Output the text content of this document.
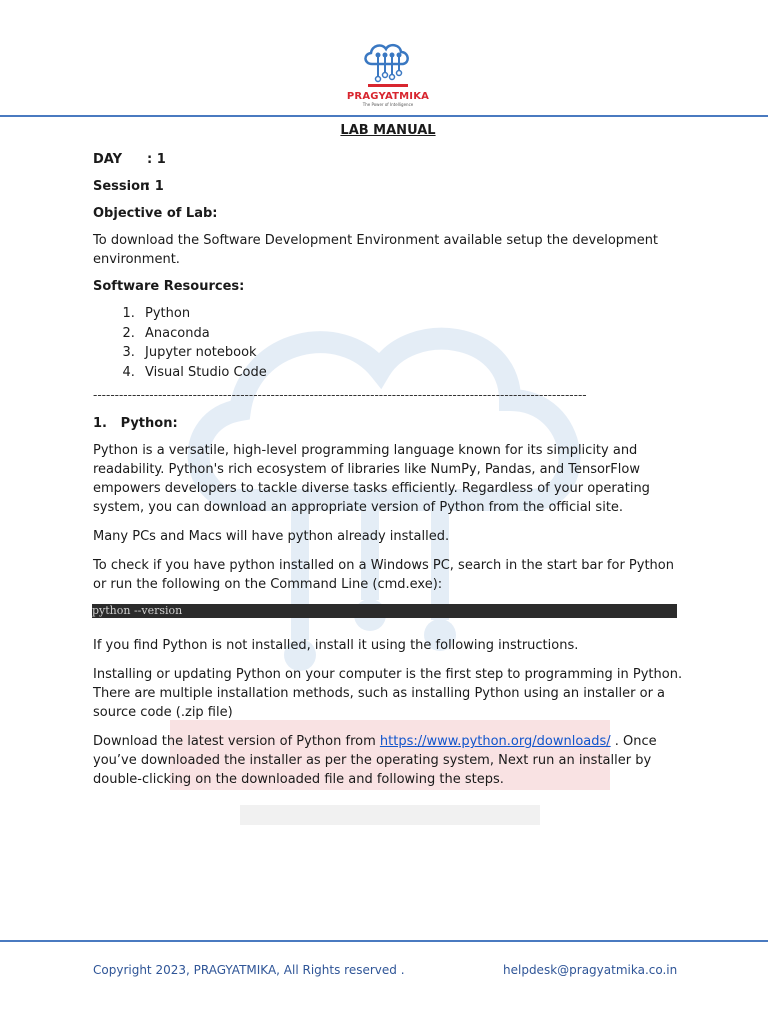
PRAGYATMIKA
The Power of Intelligence
LAB MANUAL
DAY : 1
Session: 1
Objective of Lab:

To download the Software Development Environment available setup the development environment.

Software Resources:
1. Python
2. Anaconda
3. Jupyter notebook
4. Visual Studio Code
------------------------------------------------------------------------------------------------------------------
1. Python:

Python is a versatile, high-level programming language known for its simplicity and readability. Python's rich ecosystem of libraries like NumPy, Pandas, and TensorFlow empowers developers to tackle diverse tasks efficiently. Regardless of your operating system, you can download an appropriate version of Python from the official site.

Many PCs and Macs will have python already installed.

To check if you have python installed on a Windows PC, search in the start bar for Python or run the following on the Command Line (cmd.exe):

python --version

If you find Python is not installed, install it using the following instructions.

Installing or updating Python on your computer is the first step to programming in Python. There are multiple installation methods, such as installing Python using an installer or a source code (.zip file)

Download the latest version of Python from https://www.python.org/downloads/ . Once you’ve downloaded the installer as per the operating system, Next run an installer by double-clicking on the downloaded file and following the steps.

Copyright 2023, PRAGYATMIKA, All Rights reserved .	helpdesk@pragyatmika.co.in
